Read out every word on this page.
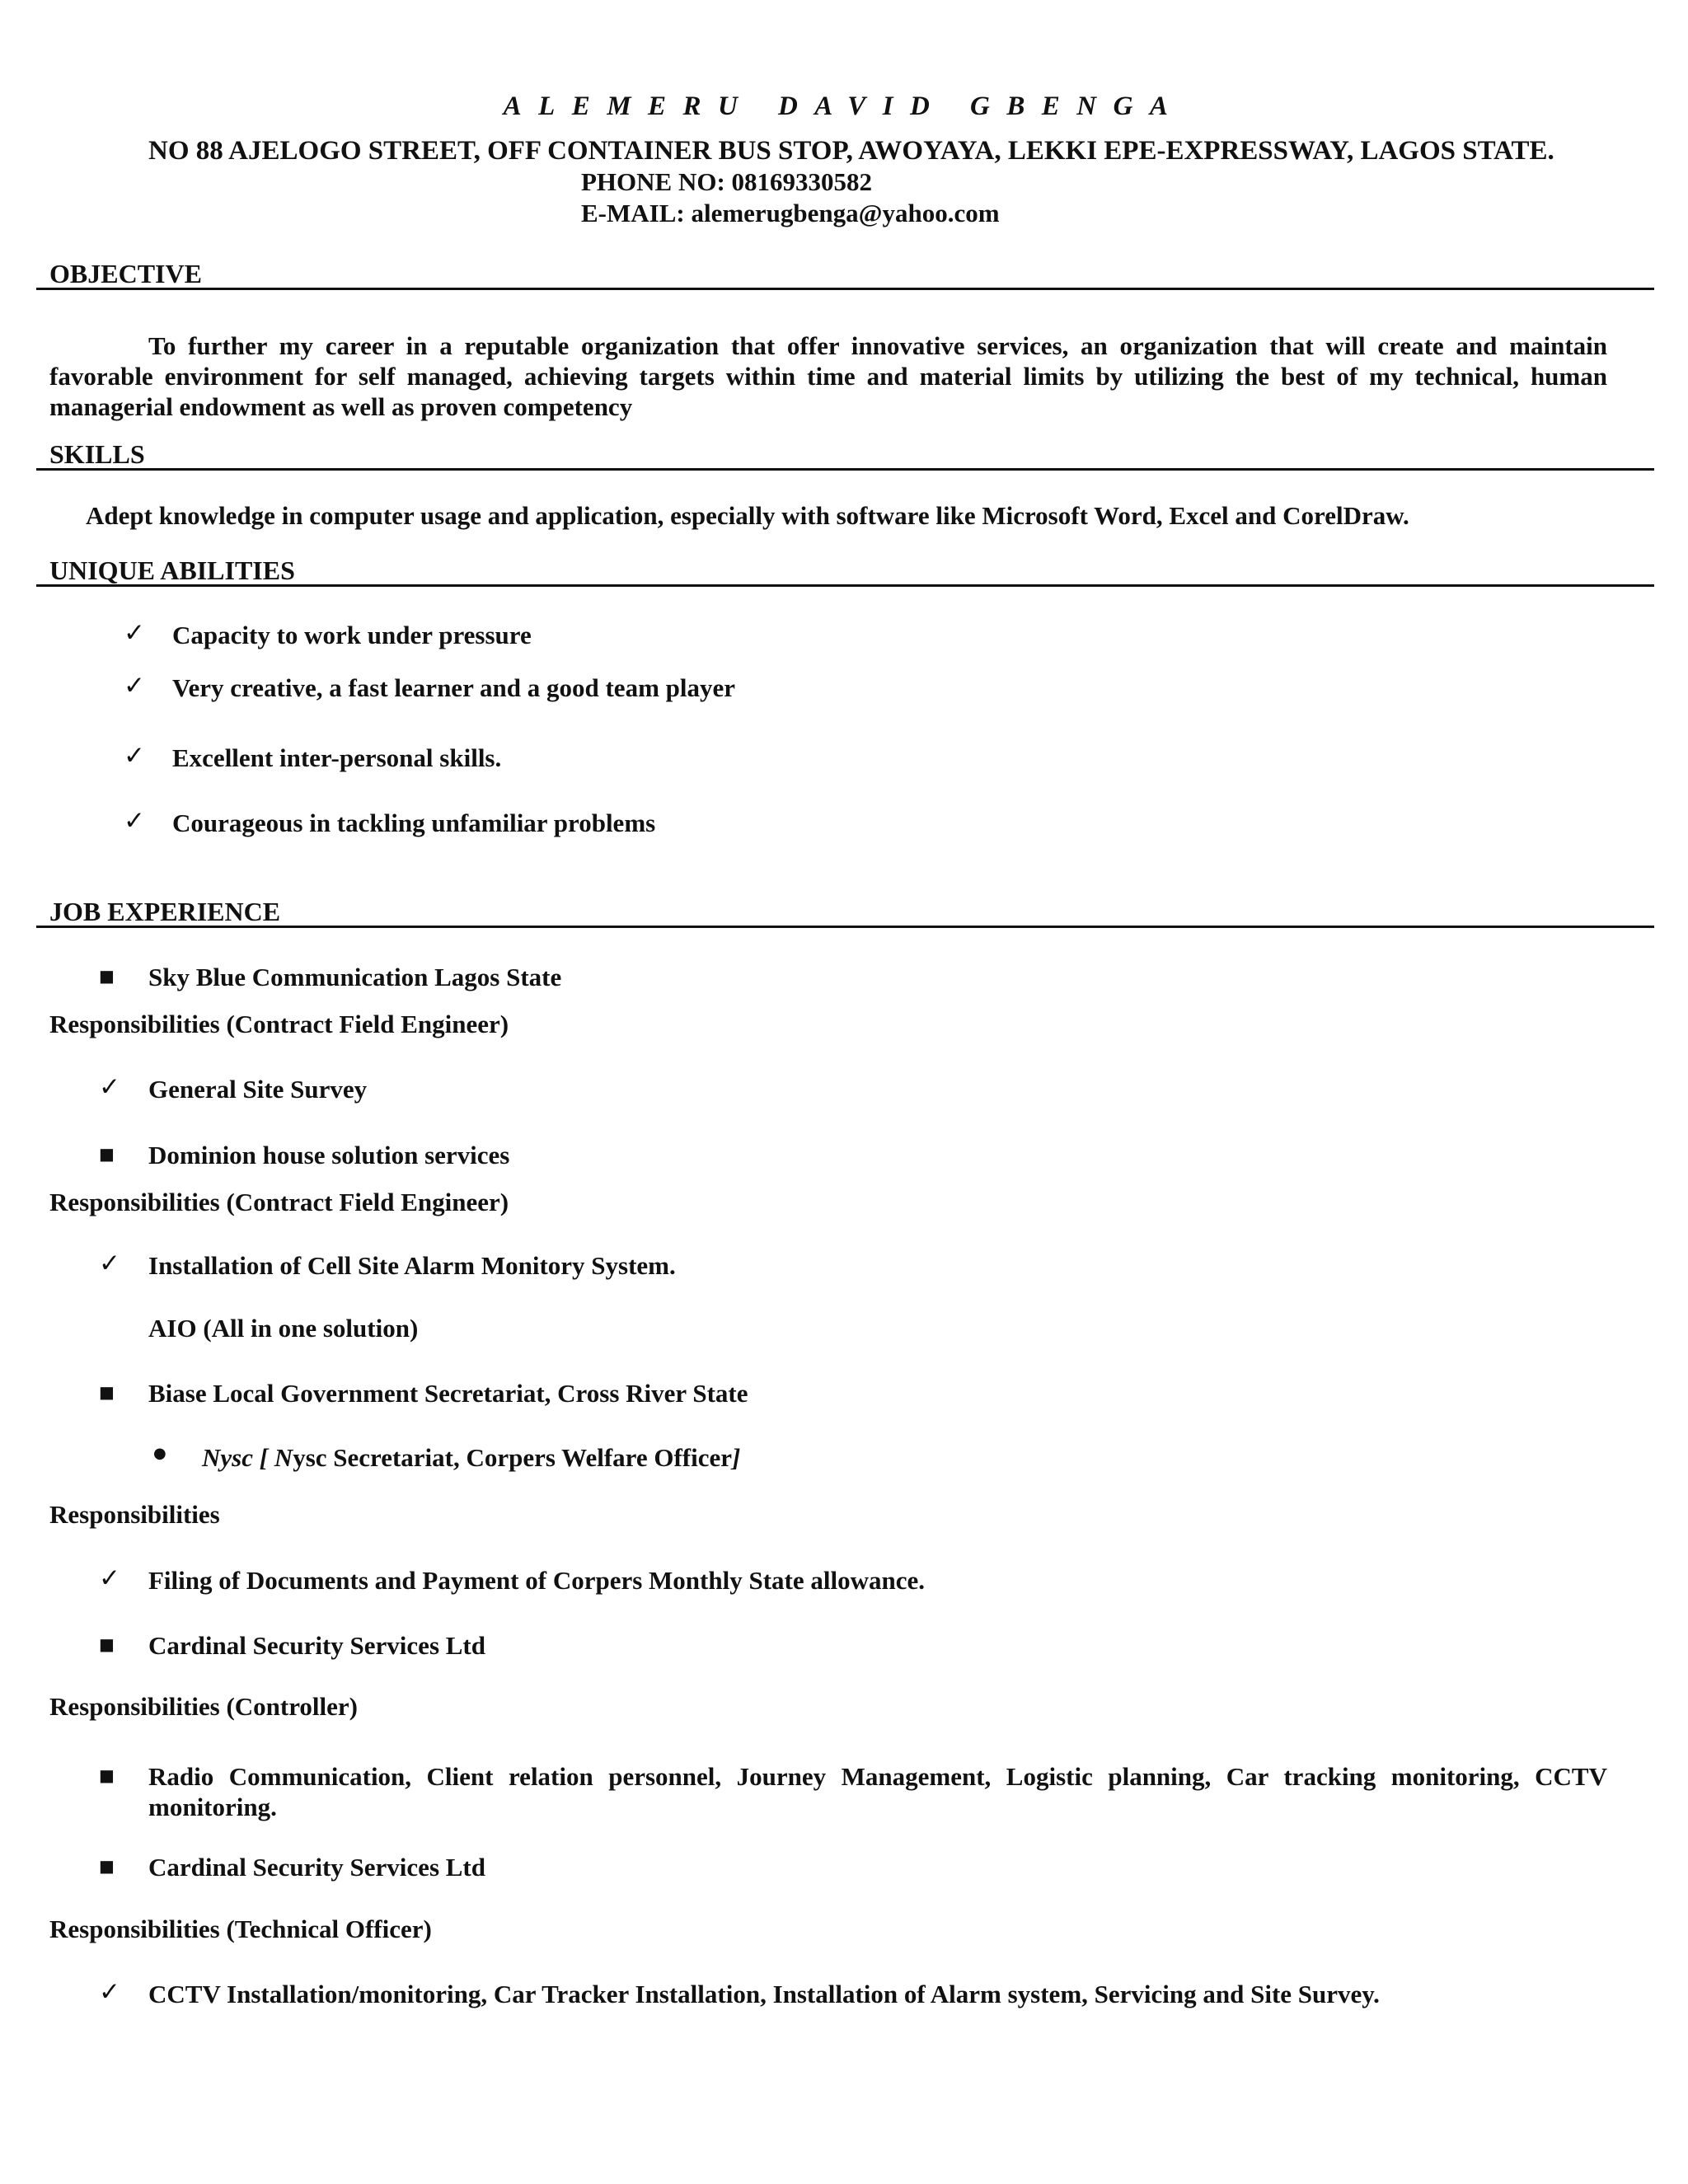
ALEMERU DAVID GBENGA
NO 88 AJELOGO STREET, OFF CONTAINER BUS STOP, AWOYAYA, LEKKI EPE-EXPRESSWAY, LAGOS STATE.
PHONE NO: 08169330582
E-MAIL: alemerugbenga@yahoo.com
OBJECTIVE
To further my career in a reputable organization that offer innovative services, an organization that will create and maintain favorable environment for self managed, achieving targets within time and material limits by utilizing the best of my technical, human managerial endowment as well as proven competency
SKILLS
Adept knowledge in computer usage and application, especially with software like Microsoft Word, Excel and CorelDraw.
UNIQUE ABILITIES
✓ Capacity to work under pressure
✓ Very creative, a fast learner and a good team player
✓ Excellent inter-personal skills.
✓ Courageous in tackling unfamiliar problems
JOB EXPERIENCE
■ Sky Blue Communication Lagos State
Responsibilities (Contract Field Engineer)
✓ General Site Survey
■ Dominion house solution services
Responsibilities (Contract Field Engineer)
✓ Installation of Cell Site Alarm Monitory System.
AIO (All in one solution)
■ Biase Local Government Secretariat, Cross River State
● Nysc [ Nysc Secretariat, Corpers Welfare Officer]
Responsibilities
✓ Filing of Documents and Payment of Corpers Monthly State allowance.
■ Cardinal Security Services Ltd
Responsibilities (Controller)
■ Radio Communication, Client relation personnel, Journey Management, Logistic planning, Car tracking monitoring, CCTV monitoring.
■ Cardinal Security Services Ltd
Responsibilities (Technical Officer)
✓ CCTV Installation/monitoring, Car Tracker Installation, Installation of Alarm system, Servicing and Site Survey.
